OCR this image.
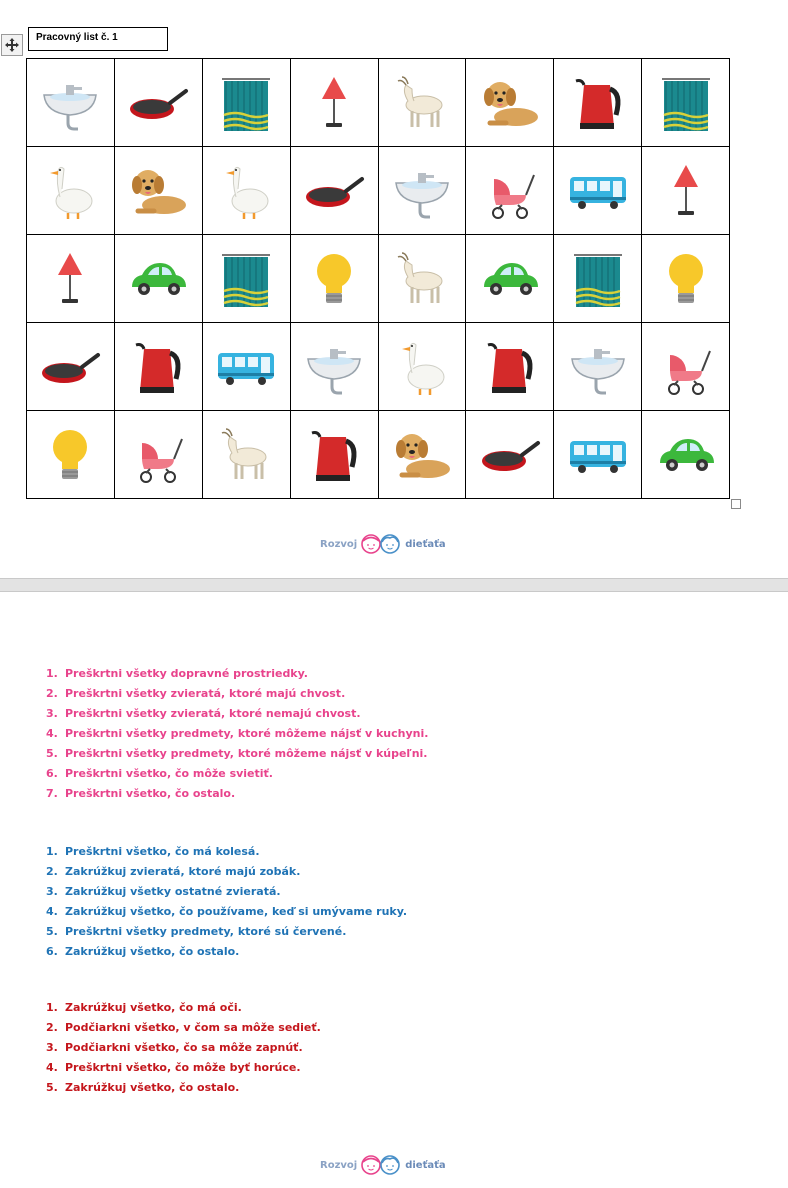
Pracovný list č. 1

Rozvoj	dieťaťa
1. Preškrtni všetky dopravné prostriedky.
2. Preškrtni všetky zvieratá, ktoré majú chvost.
3. Preškrtni všetky zvieratá, ktoré nemajú chvost.
4. Preškrtni všetky predmety, ktoré môžeme nájsť v kuchyni.
5. Preškrtni všetky predmety, ktoré môžeme nájsť v kúpeľni.
6. Preškrtni všetko, čo môže svietiť.
7. Preškrtni všetko, čo ostalo.
1. Preškrtni všetko, čo má kolesá.
2. Zakrúžkuj zvieratá, ktoré majú zobák.
3. Zakrúžkuj všetky ostatné zvieratá.
4. Zakrúžkuj všetko, čo používame, keď si umývame ruky.
5. Preškrtni všetky predmety, ktoré sú červené.
6. Zakrúžkuj všetko, čo ostalo.
1. Zakrúžkuj všetko, čo má oči.
2. Podčiarkni všetko, v čom sa môže sedieť.
3. Podčiarkni všetko, čo sa môže zapnúť.
4. Preškrtni všetko, čo môže byť horúce.
5. Zakrúžkuj všetko, čo ostalo.
Rozvoj	dieťaťa
